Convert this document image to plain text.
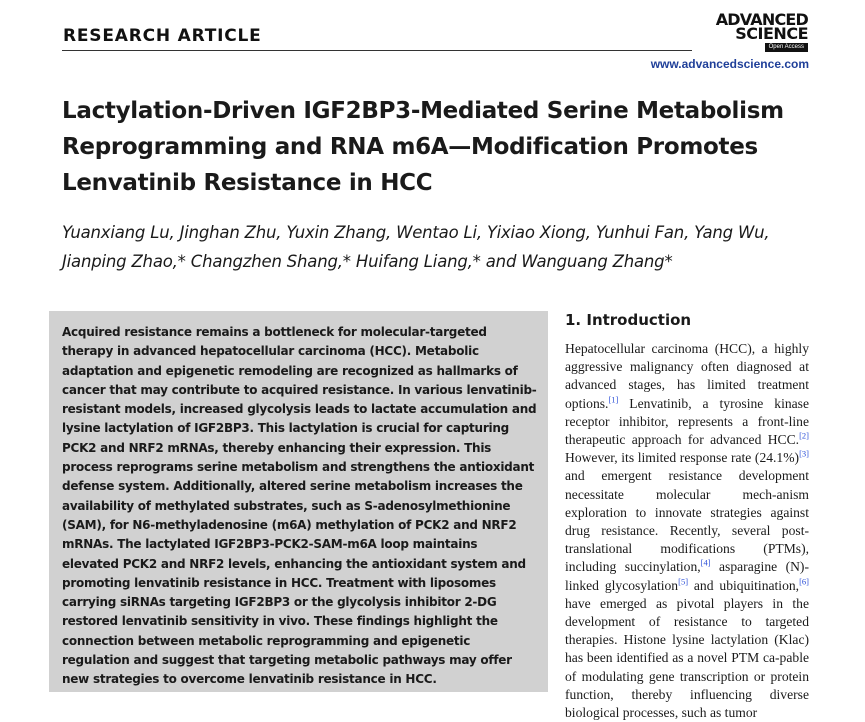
RESEARCH ARTICLE
ADVANCED
SCIENCE
Open Access
www.advancedscience.com
Lactylation-Driven IGF2BP3-Mediated Serine Metabolism Reprogramming and RNA m6A—Modification Promotes Lenvatinib Resistance in HCC

Yuanxiang Lu, Jinghan Zhu, Yuxin Zhang, Wentao Li, Yixiao Xiong, Yunhui Fan, Yang Wu, Jianping Zhao,* Changzhen Shang,* Huifang Liang,* and Wanguang Zhang*

Acquired resistance remains a bottleneck for molecular-targeted therapy in advanced hepatocellular carcinoma (HCC). Metabolic adaptation and epigenetic remodeling are recognized as hallmarks of cancer that may contribute to acquired resistance. In various lenvatinib-resistant models, increased glycolysis leads to lactate accumulation and lysine lactylation of IGF2BP3. This lactylation is crucial for capturing PCK2 and NRF2 mRNAs, thereby enhancing their expression. This process reprograms serine metabolism and strengthens the antioxidant defense system. Additionally, altered serine metabolism increases the availability of methylated substrates, such as S-adenosylmethionine (SAM), for N6-methyladenosine (m6A) methylation of PCK2 and NRF2 mRNAs. The lactylated IGF2BP3-PCK2-SAM-m6A loop maintains elevated PCK2 and NRF2 levels, enhancing the antioxidant system and promoting lenvatinib resistance in HCC. Treatment with liposomes carrying siRNAs targeting IGF2BP3 or the glycolysis inhibitor 2-DG restored lenvatinib sensitivity in vivo. These findings highlight the connection between metabolic reprogramming and epigenetic regulation and suggest that targeting metabolic pathways may offer new strategies to overcome lenvatinib resistance in HCC.

1. Introduction

Hepatocellular carcinoma (HCC), a highly aggressive malignancy often diagnosed at advanced stages, has limited treatment options.[1] Lenvatinib, a tyrosine kinase receptor inhibitor, represents a front-line therapeutic approach for advanced HCC.[2] However, its limited response rate (24.1%)[3] and emergent resistance development necessitate molecular mech-anism exploration to innovate strategies against drug resistance. Recently, several post-translational modifications (PTMs), including succinylation,[4] asparagine (N)-linked glycosylation[5] and ubiquitination,[6] have emerged as pivotal players in the development of resistance to targeted therapies. Histone lysine lactylation (Klac) has been identified as a novel PTM ca-pable of modulating gene transcription or protein function, thereby influencing diverse biological processes, such as tumor
